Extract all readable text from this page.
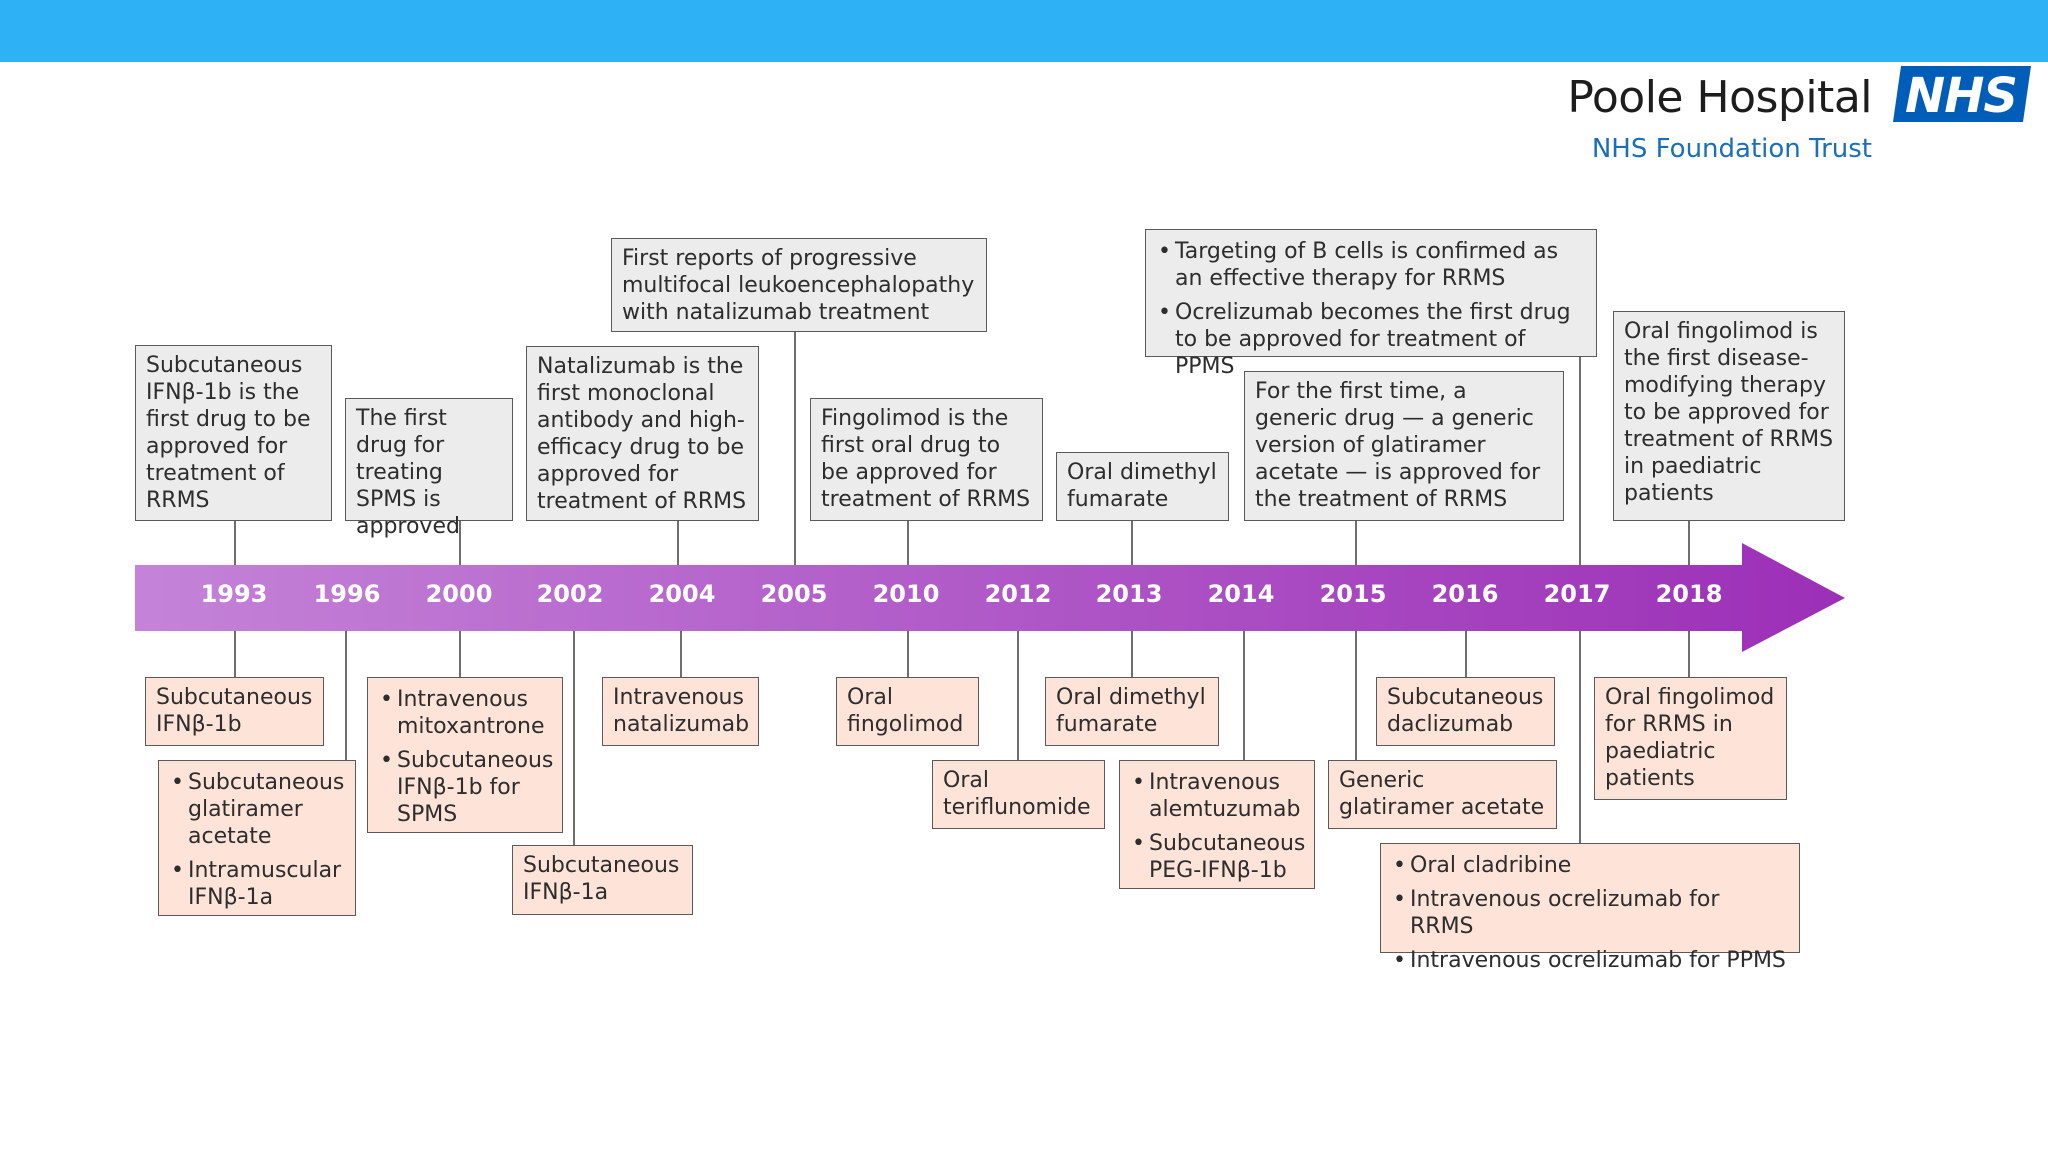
Poole Hospital
NHS Foundation Trust
NHS
1993	1996	2000	2002	2004	2005	2010	2012	2013	2014	2015	2016	2017	2018
Subcutaneous IFNβ-1b is the first drug to be approved for treatment of RRMS
The first drug for treating SPMS is approved
Natalizumab is the first monoclonal antibody and high-efficacy drug to be approved for treatment of RRMS
First reports of progressive multifocal leukoencephalopathy with natalizumab treatment
Fingolimod is the first oral drug to be approved for treatment of RRMS
Oral dimethyl fumarate
For the first time, a generic drug — a generic version of glatiramer acetate — is approved for the treatment of RRMS
• Targeting of B cells is confirmed as an effective therapy for RRMS
• Ocrelizumab becomes the first drug to be approved for treatment of PPMS
Oral fingolimod is the first disease-modifying therapy to be approved for treatment of RRMS in paediatric patients
Subcutaneous IFNβ-1b
• Subcutaneous glatiramer acetate
• Intramuscular IFNβ-1a
• Intravenous mitoxantrone
• Subcutaneous IFNβ-1b for SPMS
Subcutaneous IFNβ-1a
Intravenous natalizumab
Oral fingolimod
Oral teriflunomide
Oral dimethyl fumarate
• Intravenous alemtuzumab
• Subcutaneous PEG-IFNβ-1b
Generic glatiramer acetate
Subcutaneous daclizumab
• Oral cladribine
• Intravenous ocrelizumab for RRMS
• Intravenous ocrelizumab for PPMS
Oral fingolimod for RRMS in paediatric patients
